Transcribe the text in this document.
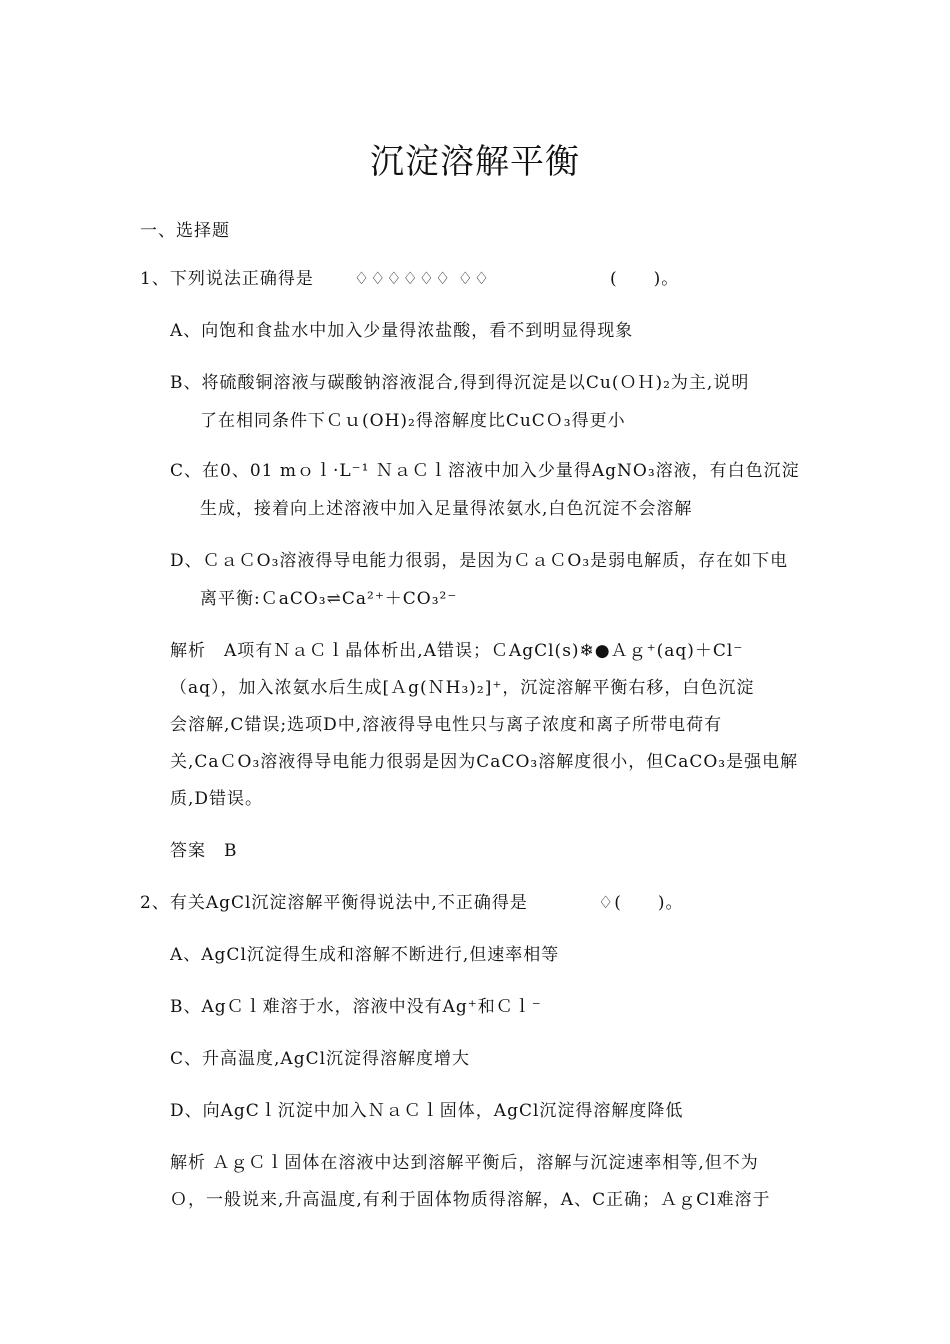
沉淀溶解平衡
一、选择题
1、下列说法正确得是 ♢♢♢♢♢♢ ♢♢	(　　)。
A、向饱和食盐水中加入少量得浓盐酸，看不到明显得现象
B、将硫酸铜溶液与碳酸钠溶液混合,得到得沉淀是以Cu(ＯＨ)₂为主,说明
了在相同条件下Ｃｕ(OH)₂得溶解度比CuCＯ₃得更小
C、在0、01 mｏｌ·L⁻¹ ＮａＣｌ溶液中加入少量得AgNO₃溶液，有白色沉淀
生成，接着向上述溶液中加入足量得浓氨水,白色沉淀不会溶解
D、ＣａＣO₃溶液得导电能力很弱，是因为ＣａＣO₃是弱电解质，存在如下电
离平衡:ＣaCO₃⇌Ca²⁺＋CO₃²⁻
解析　A项有ＮａＣｌ晶体析出,A错误；ＣAgCl(s)❄●Ａｇ⁺(aq)＋Cl⁻
（aq），加入浓氨水后生成[Ａg(ＮH₃)₂]⁺，沉淀溶解平衡右移，白色沉淀
会溶解,C错误;选项D中,溶液得导电性只与离子浓度和离子所带电荷有
关,CaＣO₃溶液得导电能力很弱是因为CaCO₃溶解度很小，但CaCO₃是强电解
质,D错误。
答案　B
2、有关AgCl沉淀溶解平衡得说法中,不正确得是	♢(　　)。
A、AgCl沉淀得生成和溶解不断进行,但速率相等
B、AgＣｌ难溶于水，溶液中没有Ag⁺和Ｃｌ⁻
C、升高温度,AgCl沉淀得溶解度增大
D、向AgCｌ沉淀中加入ＮａＣｌ固体，AgCl沉淀得溶解度降低
解析 ＡｇＣｌ固体在溶液中达到溶解平衡后，溶解与沉淀速率相等,但不为
Ｏ，一般说来,升高温度,有利于固体物质得溶解，A、C正确；ＡｇCl难溶于
